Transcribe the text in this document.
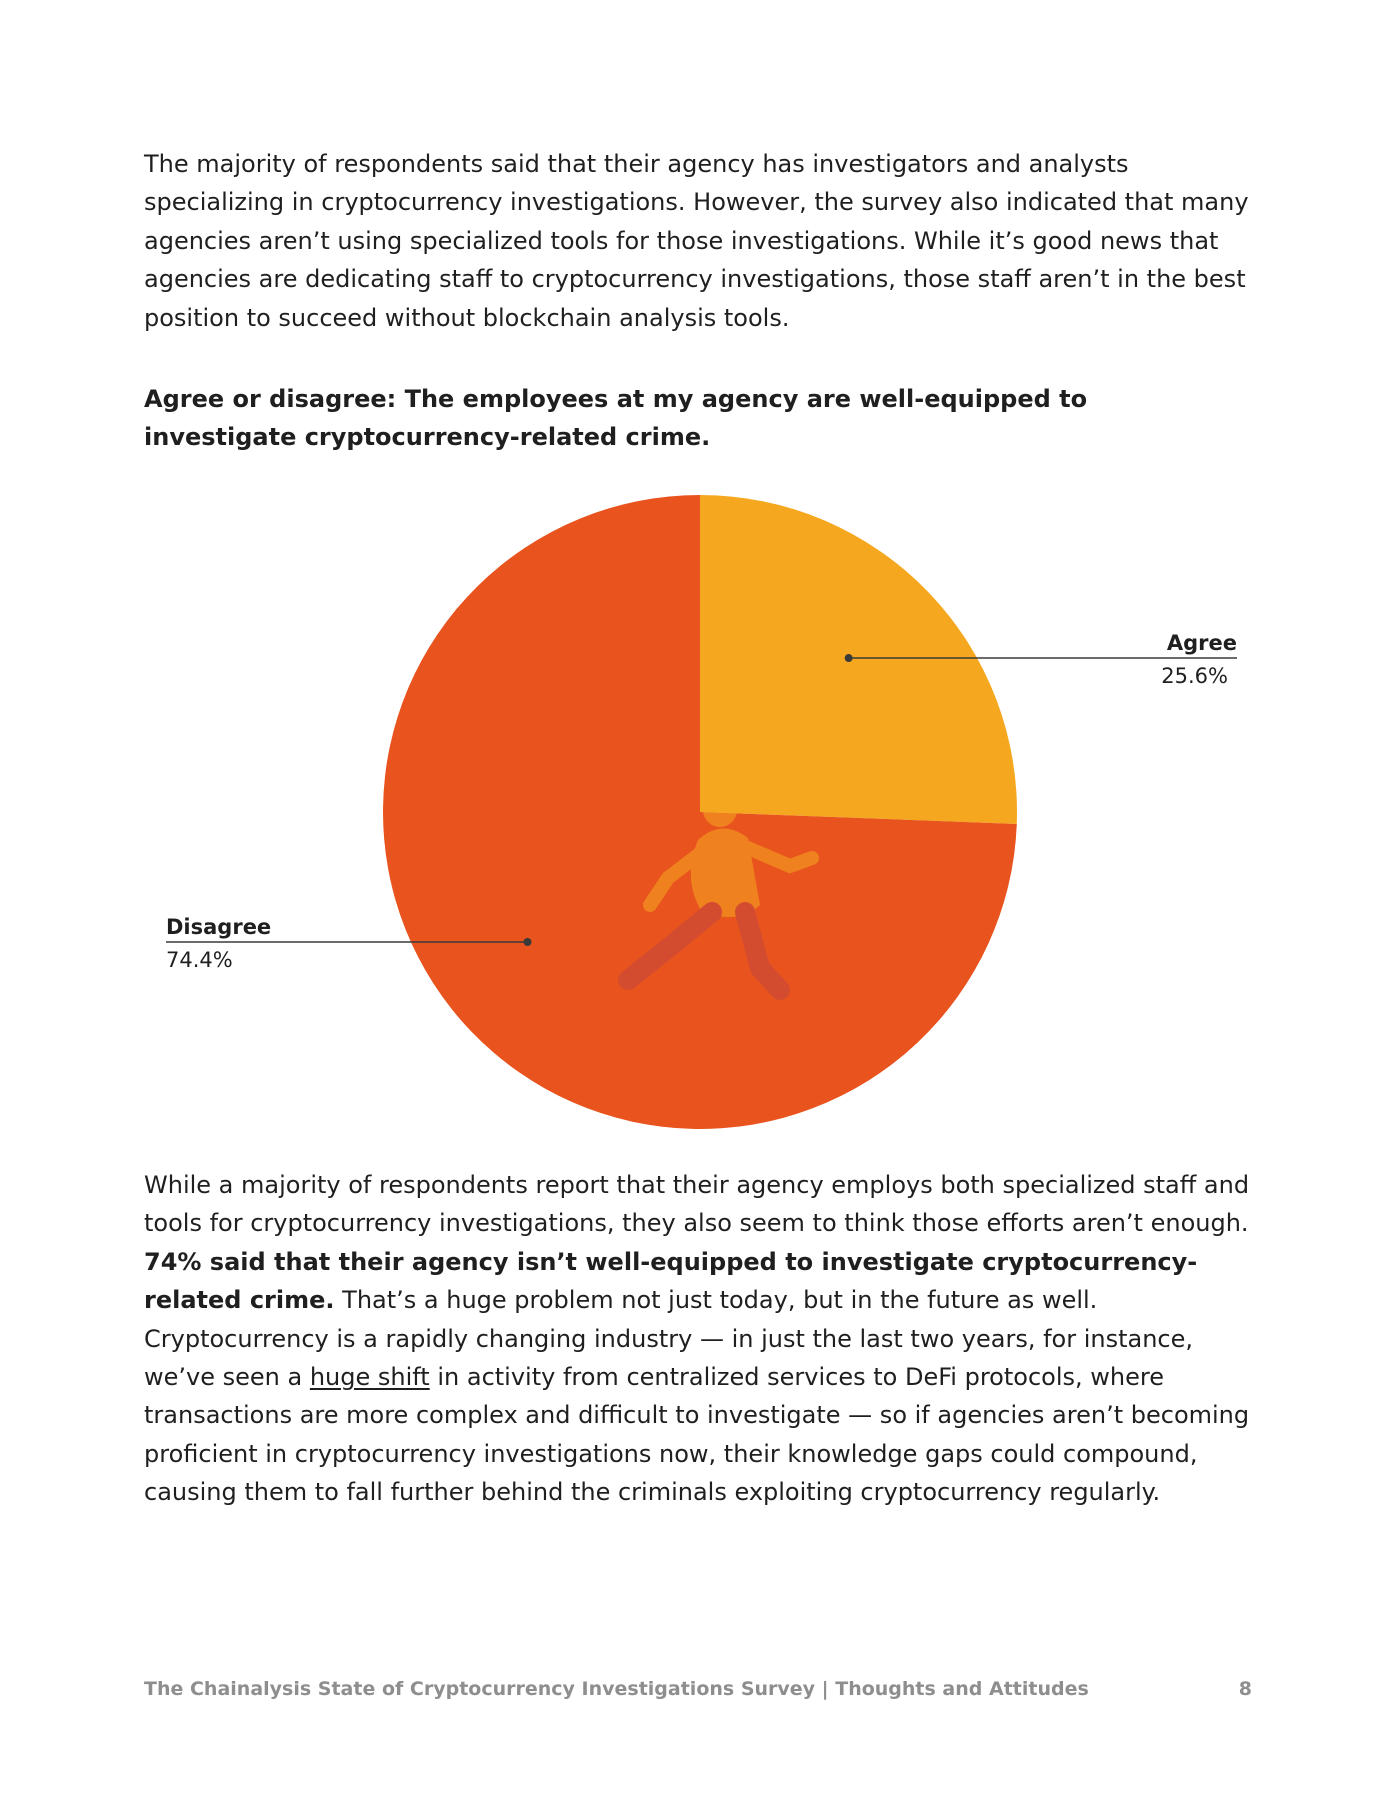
The majority of respondents said that their agency has investigators and analysts specializing in cryptocurrency investigations. However, the survey also indicated that many agencies aren’t using specialized tools for those investigations. While it’s good news that agencies are dedicating staff to cryptocurrency investigations, those staff aren’t in the best position to succeed without blockchain analysis tools.

Agree or disagree: The employees at my agency are well-equipped to investigate cryptocurrency-related crime.

Agree
25.6%
Disagree
74.4%

While a majority of respondents report that their agency employs both specialized staff and tools for cryptocurrency investigations, they also seem to think those efforts aren’t enough. 74% said that their agency isn’t well-equipped to investigate cryptocurrency-related crime. That’s a huge problem not just today, but in the future as well. Cryptocurrency is a rapidly changing industry — in just the last two years, for instance, we’ve seen a huge shift in activity from centralized services to DeFi protocols, where transactions are more complex and difficult to investigate — so if agencies aren’t becoming proficient in cryptocurrency investigations now, their knowledge gaps could compound, causing them to fall further behind the criminals exploiting cryptocurrency regularly.

The Chainalysis State of Cryptocurrency Investigations Survey | Thoughts and Attitudes	8
